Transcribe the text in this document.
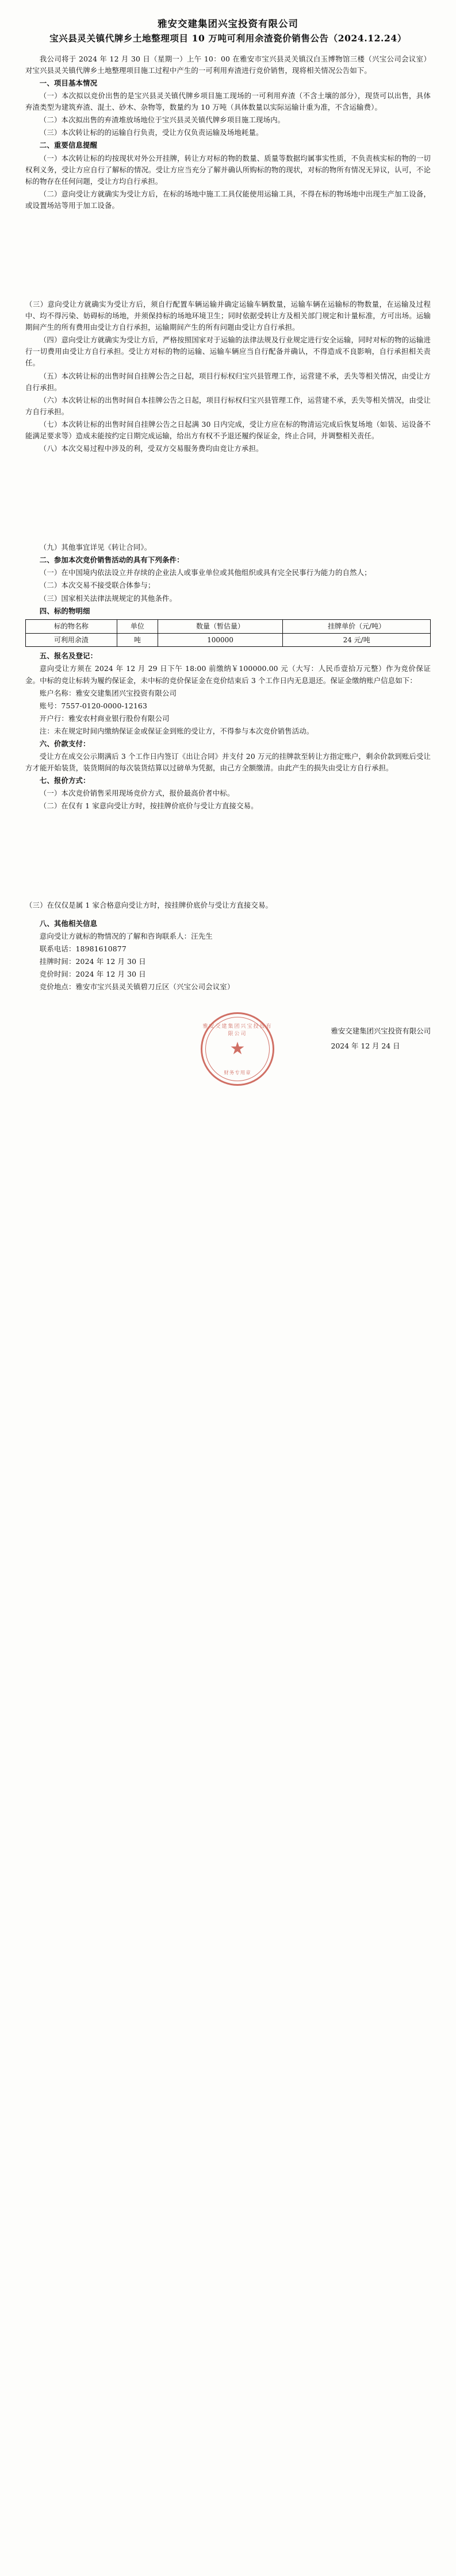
雅安交建集团兴宝投资有限公司
宝兴县灵关镇代牌乡土地整理项目 10 万吨可利用余渣瓷价销售公告（2024.12.24）

我公司将于 2024 年 12 月 30 日（星期一）上午 10：00 在雅安市宝兴县灵关镇汉白玉博物馆三楼（兴宝公司会议室）对宝兴县灵关镇代牌乡土地整理项目施工过程中产生的一可利用弃渣进行竞价销售，现将相关情况公告如下。

一、项目基本情况

（一）本次拟以竞价出售的是宝兴县灵关镇代牌乡项目施工现场的一可利用弃渣（不含土壤的部分），现货可以出售，具体弃渣类型为建筑弃渣、混土、砂木、杂物等，数量约为 10 万吨（具体数量以实际运输计重为准，不含运输费）。

（二）本次拟出售的弃渣堆放场地位于宝兴县灵关镇代牌乡项目施工现场内。

（三）本次转让标的的运输自行负责，受让方仅负责运输及场地耗量。

二、重要信息提醒

（一）本次转让标的均按现状对外公开挂牌，转让方对标的物的数量、质量等数据均属事实性质，不负责核实标的物的一切权利义务，受让方应自行了解标的情况。受让方应当充分了解并确认所购标的物的现状，对标的物所有情况无异议，认可，不论标的物存在任何问题，受让方均自行承担。

（二）意向受让方就确实为受让方后，在标的场地中施工工具仅能使用运输工具，不得在标的物场地中出现生产加工设备，或设置场站等用于加工设备。

（三）意向受让方就确实为受让方后，须自行配置车辆运输并确定运输车辆数量，运输车辆在运输标的物数量，在运输及过程中、均不得污染、妨碍标的场地，并须保持标的场地环境卫生；同时依据受转让方及相关部门规定和计量标准，方可出场。运输期间产生的所有费用由受让方自行承担，运输期间产生的所有问题由受让方自行承担。

（四）意向受让方就确实为受让方后，严格按照国家对于运输的法律法规及行业规定进行安全运输，同时对标的物的运输进行一切费用由受让方自行承担。受让方对标的物的运输、运输车辆应当自行配备并确认，不得造成不良影响，自行承担相关责任。

（五）本次转让标的出售时间自挂牌公告之日起，项目行标权归宝兴县管理工作，运营建不承，丢失等相关情况，由受让方自行承担。

（六）本次转让标的出售时间自本挂牌公告之日起，项目行标权归宝兴县管理工作，运营建不承，丢失等相关情况，由受让方自行承担。

（七）本次转让标的出售时间自挂牌公告之日起满 30 日内完成，受让方应在标的物清运完成后恢复场地（如装、运设备不能满足要求等）造成未能按约定日期完成运输，给出方有权不予退还履约保证金，终止合同，并调整相关责任。

（八）本次交易过程中涉及的利，受双方交易服务费均由竞让方承担。

（九）其他事宜详见《转让合同》。

二、参加本次竞价销售活动的具有下列条件：

（一）在中国境内依法设立并存续的企业法人或事业单位或其他组织或具有完全民事行为能力的自然人；

（二）本次交易不接受联合体参与；

（三）国家相关法律法规规定的其他条件。

四、标的物明细

标的物名称	单位	数量（暂估量）	挂牌单价（元/吨）
可利用余渣	吨	100000	24 元/吨

五、报名及登记：

意向受让方须在 2024 年 12 月 29 日下午 18:00 前缴纳￥100000.00 元（大写：人民币壹拾万元整）作为竞价保证金。中标的竞让标转为履约保证金，未中标的竞价保证金在竞价结束后 3 个工作日内无息退还。保证金缴纳账户信息如下：

账户名称：雅安交建集团兴宝投资有限公司

账号：7557-0120-0000-12163

开户行：雅安农村商业银行股份有限公司

注：未在规定时间内缴纳保证金或保证金到账的受让方，不得参与本次竞价销售活动。

六、价款支付：

受让方在成交公示期满后 3 个工作日内签订《出让合同》并支付 20 万元的挂牌款至转让方指定账户，剩余价款到账后受让方才能开始装货，装货期间的每次装货结算以过磅单为凭据，由己方全额缴清。由此产生的损失由受让方自行承担。

七、报价方式：

（一）本次竞价销售采用现场竞价方式，报价最高价者中标。

（二）在仅有 1 家意向受让方时，按挂牌价底价与受让方直接交易。

（三）在仅仅是属 1 家合格意向受让方时，按挂牌价底价与受让方直接交易。

八、其他相关信息

意向受让方就标的物情况的了解和咨询联系人：汪先生

联系电话：18981610877

挂牌时间：2024 年 12 月 30 日

竞价时间：2024 年 12 月 30 日

竞价地点：雅安市宝兴县灵关镇碧刀丘区（兴宝公司会议室）

雅安交建集团兴宝投资有限公司
★
财务专用章
雅安交建集团兴宝投资有限公司
2024 年 12 月 24 日
